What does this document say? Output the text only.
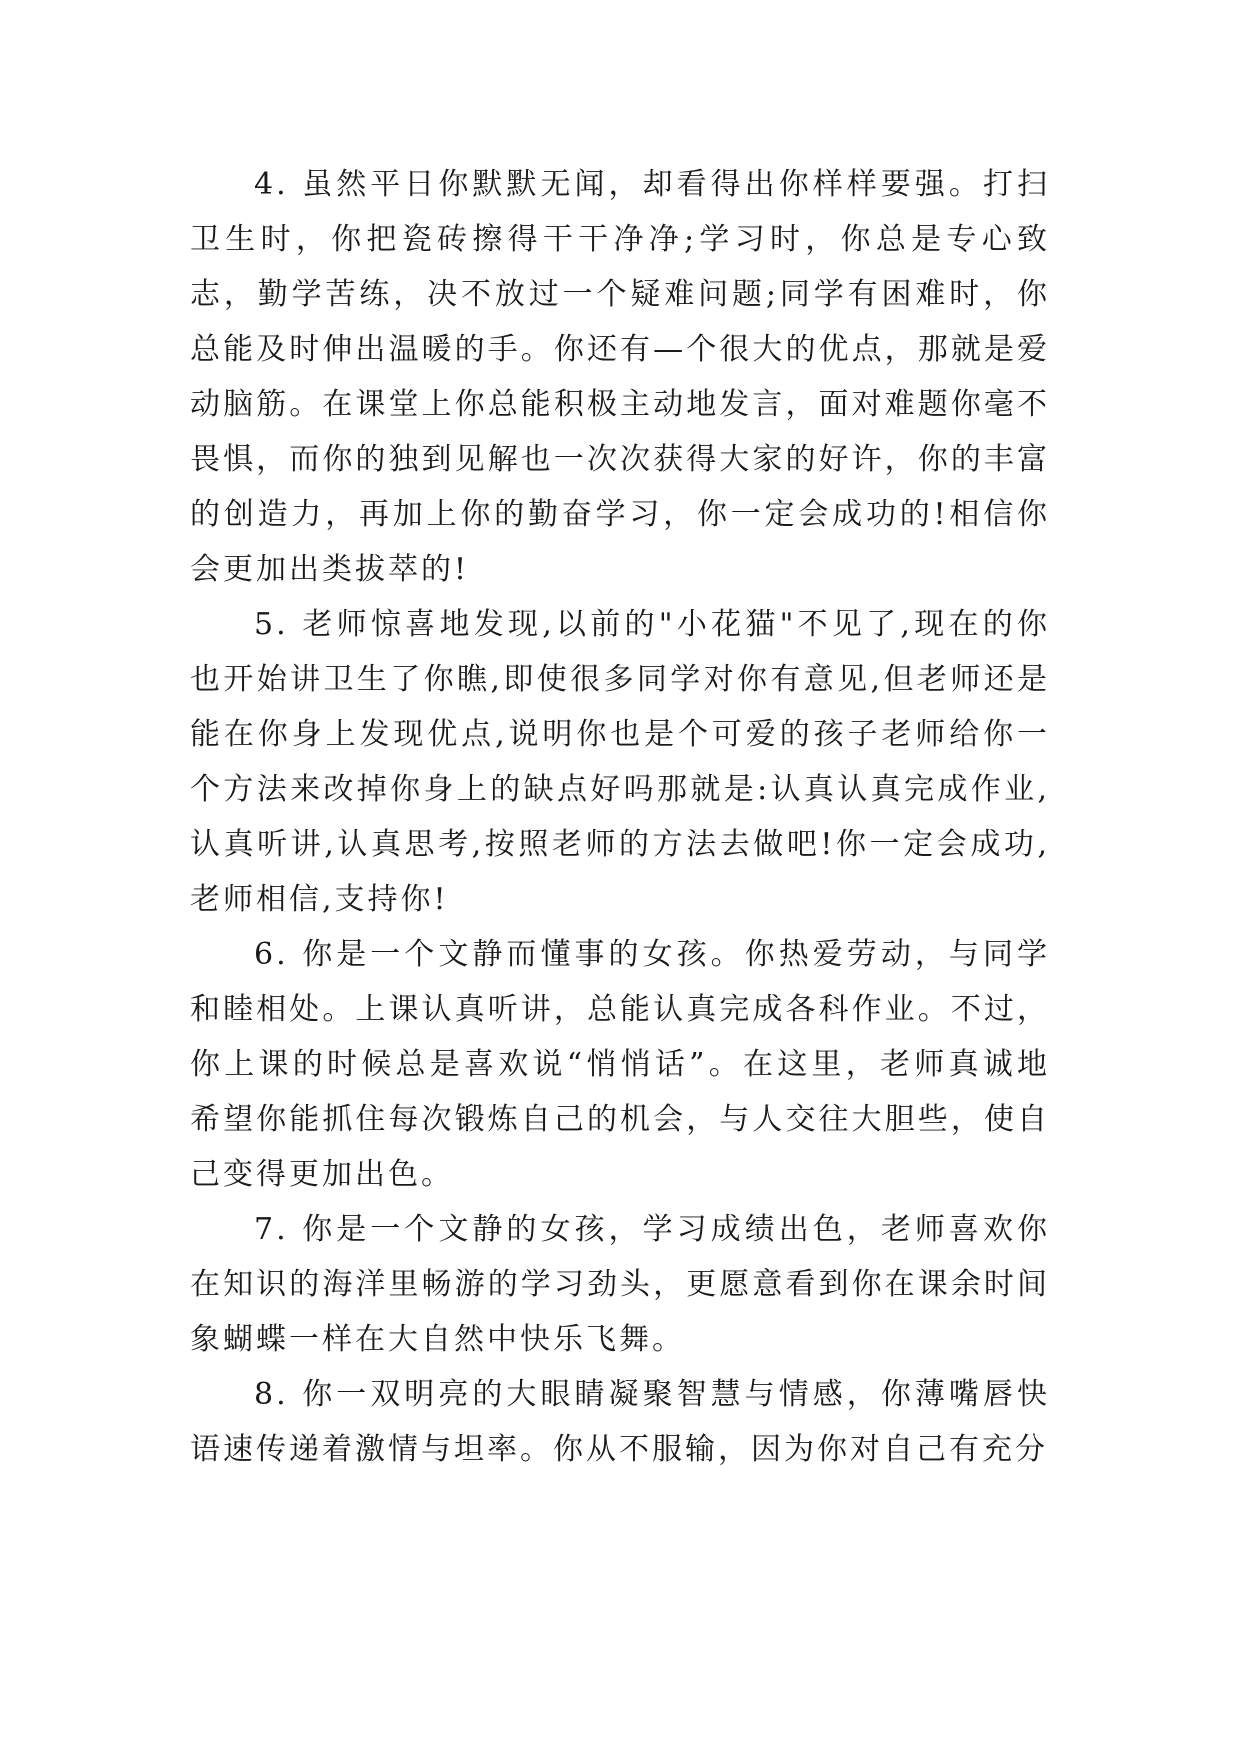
4. 虽然平日你默默无闻，却看得出你样样要强。打扫卫生时，你把瓷砖擦得干干净净;学习时，你总是专心致志，勤学苦练，决不放过一个疑难问题;同学有困难时，你总能及时伸出温暖的手。你还有—个很大的优点，那就是爱动脑筋。在课堂上你总能积极主动地发言，面对难题你毫不畏惧，而你的独到见解也一次次获得大家的好许，你的丰富的创造力，再加上你的勤奋学习，你一定会成功的!相信你会更加出类拔萃的!

5. 老师惊喜地发现,以前的"小花猫"不见了,现在的你也开始讲卫生了你瞧,即使很多同学对你有意见,但老师还是能在你身上发现优点,说明你也是个可爱的孩子老师给你一个方法来改掉你身上的缺点好吗那就是:认真认真完成作业,认真听讲,认真思考,按照老师的方法去做吧!你一定会成功,老师相信,支持你!

6. 你是一个文静而懂事的女孩。你热爱劳动，与同学和睦相处。上课认真听讲，总能认真完成各科作业。不过，你上课的时候总是喜欢说“悄悄话”。在这里，老师真诚地希望你能抓住每次锻炼自己的机会，与人交往大胆些，使自己变得更加出色。

7. 你是一个文静的女孩，学习成绩出色，老师喜欢你在知识的海洋里畅游的学习劲头，更愿意看到你在课余时间象蝴蝶一样在大自然中快乐飞舞。

8. 你一双明亮的大眼睛凝聚智慧与情感，你薄嘴唇快语速传递着激情与坦率。你从不服输，因为你对自己有充分
